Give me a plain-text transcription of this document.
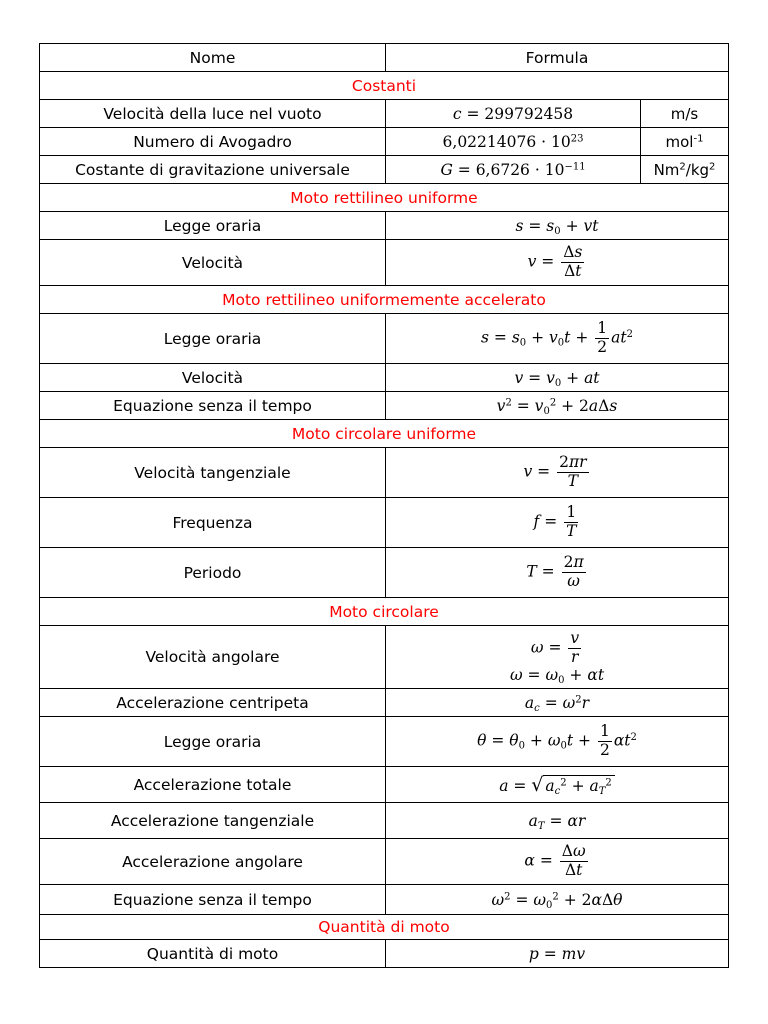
Nome	Formula	
Costanti		
Velocità della luce nel vuoto	c = 299792458	m/s
Numero di Avogadro	$6,02214076 \cdot 10^{23}$	mol$^{-1}$
Costante di gravitazione universale	$G = 6,6726 \cdot 10^{-11}$	$Nm^2/kg^2$
Moto rettilineo uniforme		
Legge oraria	$s = s_0$ + vt	
Velocità	$v = \frac{\Delta s}{\Delta t}$

Moto rettilineo uniformemente accelerato		
Legge oraria	$s = s_0 + v_0t + \frac{1}{2} at^2$
Velocità	$v = v_0$ + at	
Equazione senza il tempo	$v^2 = v_0^2 + 2a\Delta s$	
Moto circolare uniforme		
Velocità tangenziale	$v = \frac{2\pi r}{T}$

Frequenza	$f = \frac{1}{T}$

Periodo	$T = \frac{2\pi}{\omega}$

Moto circolare		
Velocità angolare	$\omega = \frac{v}{r}$
$\omega = \omega_0 + \alpha t$	

Accelerazione centripeta	$a_c = \omega^2r$	
Legge oraria	$\theta = \theta_0 + \omega_0t + \frac{1}{2} \alpha t^2$
Accelerazione totale	a = √ $a_c^2 + a_T^2$
Accelerazione tangenziale	$a_T = \alpha r$	
Accelerazione angolare	$\alpha = \frac{\Delta\omega}{\Delta t}$

Equazione senza il tempo	$\omega^2 = \omega_0^2 + 2\alpha\Delta\theta$	
Quantità di moto		
Quantità di moto	p = mv	
